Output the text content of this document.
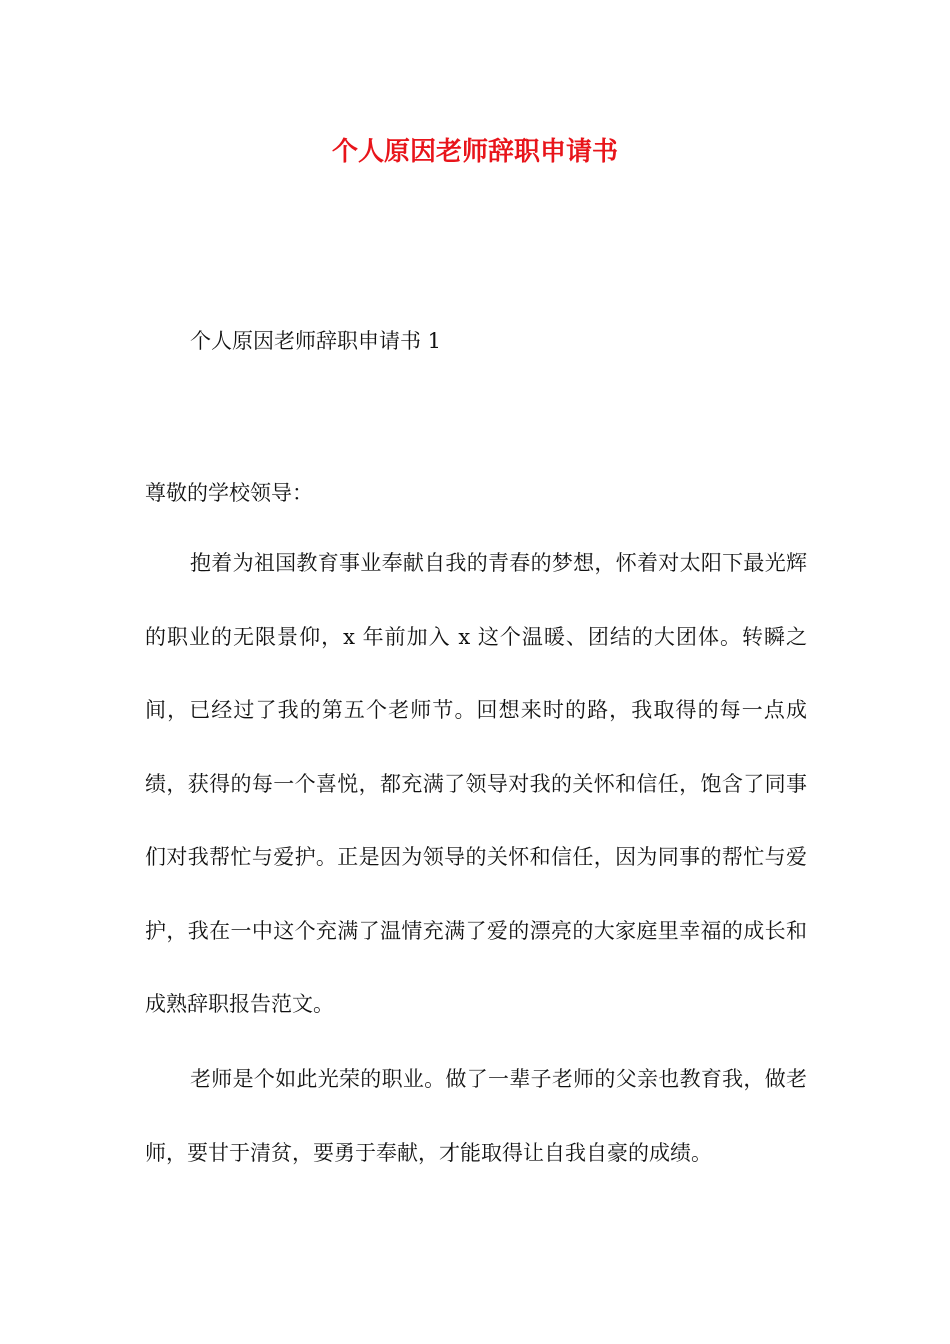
个人原因老师辞职申请书

个人原因老师辞职申请书 1

尊敬的学校领导：

抱着为祖国教育事业奉献自我的青春的梦想，怀着对太阳下最光辉的职业的无限景仰，x 年前加入 x 这个温暖、团结的大团体。转瞬之间，已经过了我的第五个老师节。回想来时的路，我取得的每一点成绩，获得的每一个喜悦，都充满了领导对我的关怀和信任，饱含了同事们对我帮忙与爱护。正是因为领导的关怀和信任，因为同事的帮忙与爱护，我在一中这个充满了温情充满了爱的漂亮的大家庭里幸福的成长和成熟辞职报告范文。

老师是个如此光荣的职业。做了一辈子老师的父亲也教育我，做老师，要甘于清贫，要勇于奉献，才能取得让自我自豪的成绩。
